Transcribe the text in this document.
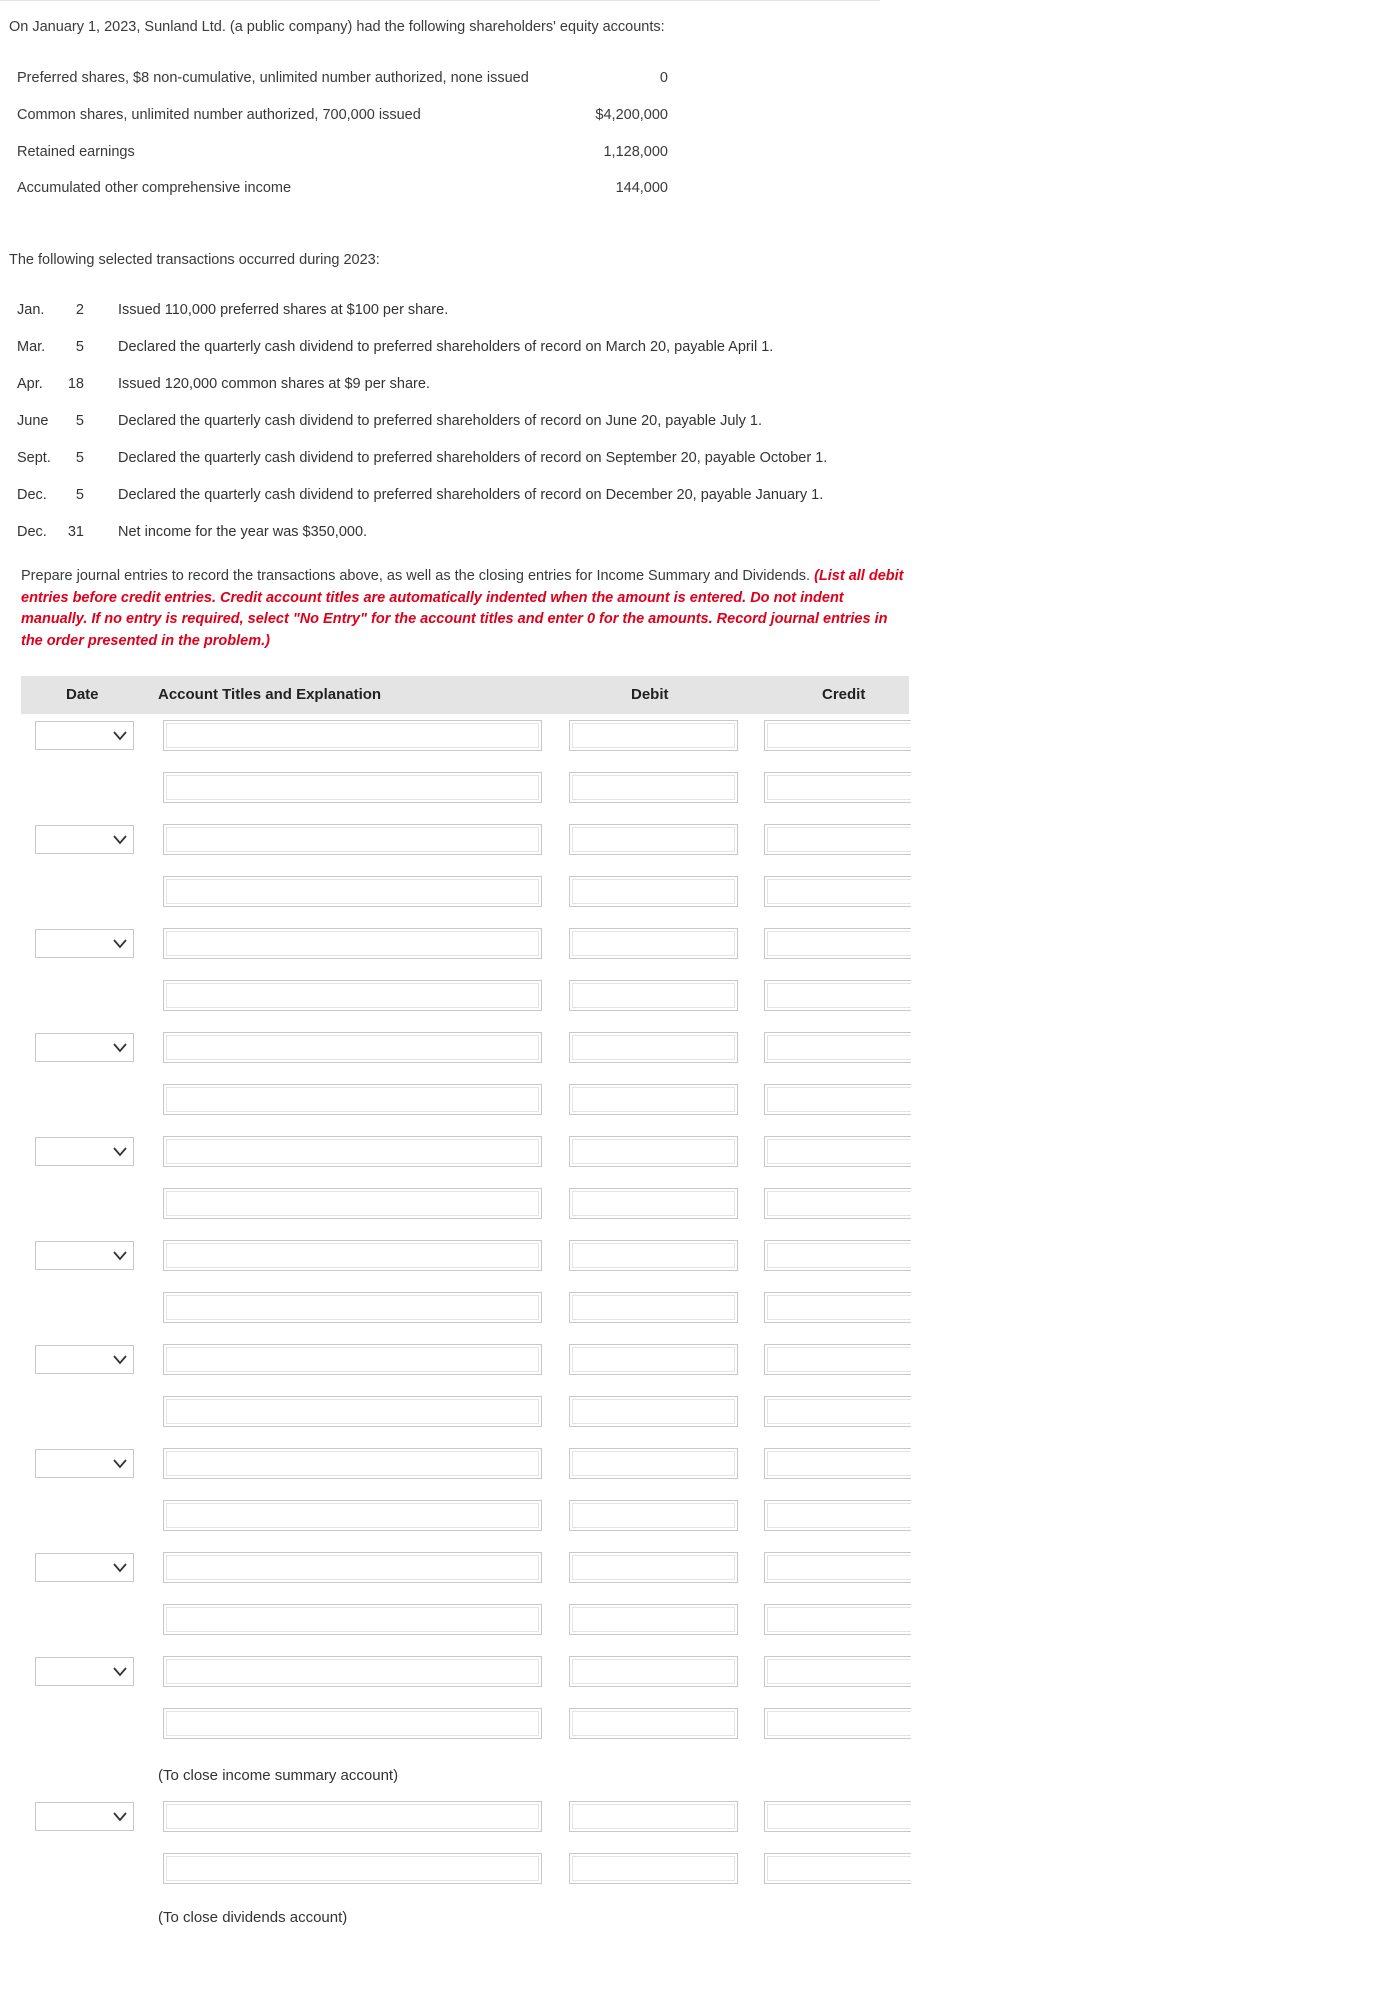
On January 1, 2023, Sunland Ltd. (a public company) had the following shareholders' equity accounts:
Preferred shares, $8 non-cumulative, unlimited number authorized, none issued	0
Common shares, unlimited number authorized, 700,000 issued	$4,200,000
Retained earnings	1,128,000
Accumulated other comprehensive income	144,000
The following selected transactions occurred during 2023:
Jan.	2 Issued 110,000 preferred shares at $100 per share.
Mar.	5 Declared the quarterly cash dividend to preferred shareholders of record on March 20, payable April 1.
Apr.	18 Issued 120,000 common shares at $9 per share.
June	5 Declared the quarterly cash dividend to preferred shareholders of record on June 20, payable July 1.
Sept.	5 Declared the quarterly cash dividend to preferred shareholders of record on September 20, payable October 1.
Dec.	5 Declared the quarterly cash dividend to preferred shareholders of record on December 20, payable January 1.
Dec.	31 Net income for the year was $350,000.
Prepare journal entries to record the transactions above, as well as the closing entries for Income Summary and Dividends. (List all debit entries before credit entries. Credit account titles are automatically indented when the amount is entered. Do not indent manually. If no entry is required, select "No Entry" for the account titles and enter 0 for the amounts. Record journal entries in the order presented in the problem.)
Date	Account Titles and Explanation	Debit	Credit
(To close income summary account)
(To close dividends account)
